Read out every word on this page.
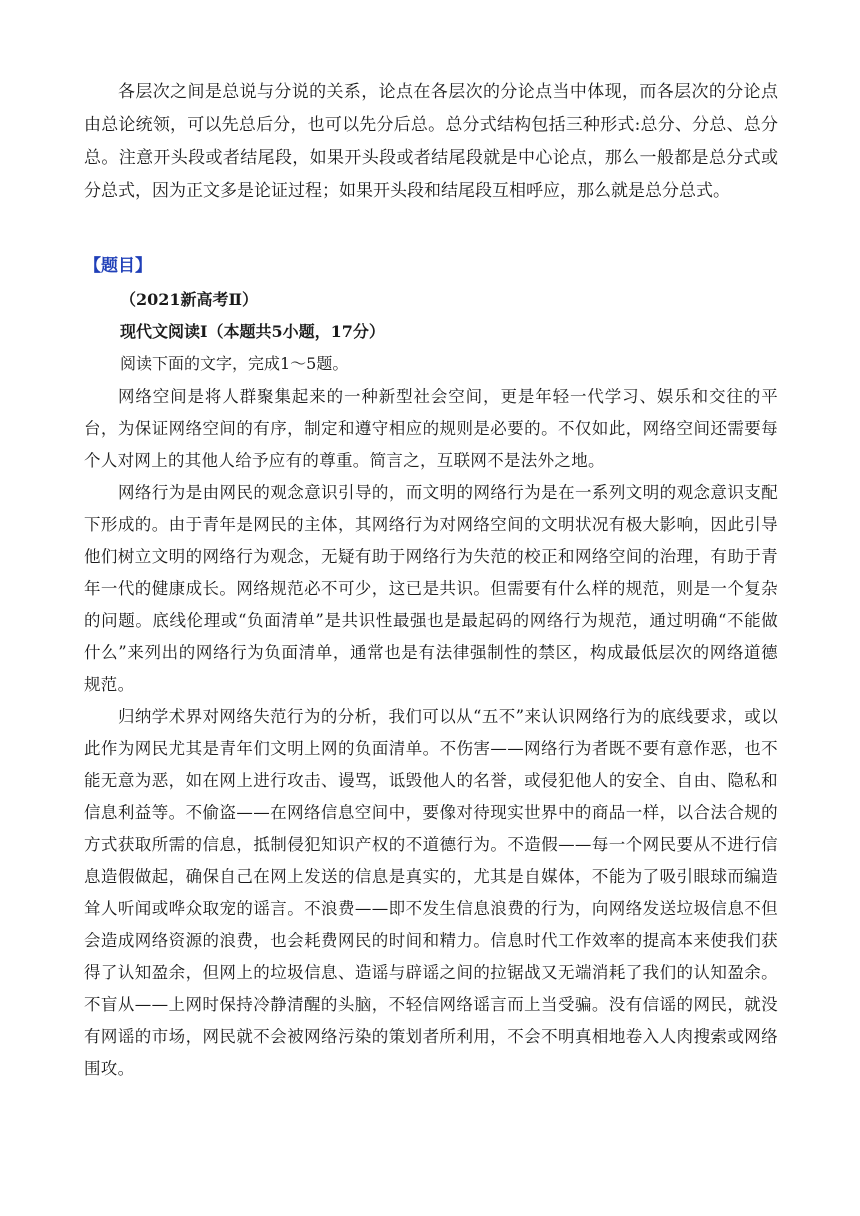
各层次之间是总说与分说的关系，论点在各层次的分论点当中体现，而各层次的分论点由总论统领，可以先总后分，也可以先分后总。总分式结构包括三种形式:总分、分总、总分总。注意开头段或者结尾段，如果开头段或者结尾段就是中心论点，那么一般都是总分式或分总式，因为正文多是论证过程；如果开头段和结尾段互相呼应，那么就是总分总式。

【题目】

（2021新高考Ⅱ）

现代文阅读Ⅰ（本题共5小题，17分）

阅读下面的文字，完成1～5题。

网络空间是将人群聚集起来的一种新型社会空间，更是年轻一代学习、娱乐和交往的平台，为保证网络空间的有序，制定和遵守相应的规则是必要的。不仅如此，网络空间还需要每个人对网上的其他人给予应有的尊重。简言之，互联网不是法外之地。

网络行为是由网民的观念意识引导的，而文明的网络行为是在一系列文明的观念意识支配下形成的。由于青年是网民的主体，其网络行为对网络空间的文明状况有极大影响，因此引导他们树立文明的网络行为观念，无疑有助于网络行为失范的校正和网络空间的治理，有助于青年一代的健康成长。网络规范必不可少，这已是共识。但需要有什么样的规范，则是一个复杂的问题。底线伦理或“负面清单”是共识性最强也是最起码的网络行为规范，通过明确“不能做什么”来列出的网络行为负面清单，通常也是有法律强制性的禁区，构成最低层次的网络道德规范。

归纳学术界对网络失范行为的分析，我们可以从“五不”来认识网络行为的底线要求，或以此作为网民尤其是青年们文明上网的负面清单。不伤害——网络行为者既不要有意作恶，也不能无意为恶，如在网上进行攻击、谩骂，诋毁他人的名誉，或侵犯他人的安全、自由、隐私和信息利益等。不偷盗——在网络信息空间中，要像对待现实世界中的商品一样，以合法合规的方式获取所需的信息，抵制侵犯知识产权的不道德行为。不造假——每一个网民要从不进行信息造假做起，确保自己在网上发送的信息是真实的，尤其是自媒体，不能为了吸引眼球而编造耸人听闻或哗众取宠的谣言。不浪费——即不发生信息浪费的行为，向网络发送垃圾信息不但会造成网络资源的浪费，也会耗费网民的时间和精力。信息时代工作效率的提高本来使我们获得了认知盈余，但网上的垃圾信息、造谣与辟谣之间的拉锯战又无端消耗了我们的认知盈余。不盲从——上网时保持冷静清醒的头脑，不轻信网络谣言而上当受骗。没有信谣的网民，就没有网谣的市场，网民就不会被网络污染的策划者所利用，不会不明真相地卷入人肉搜索或网络围攻。
